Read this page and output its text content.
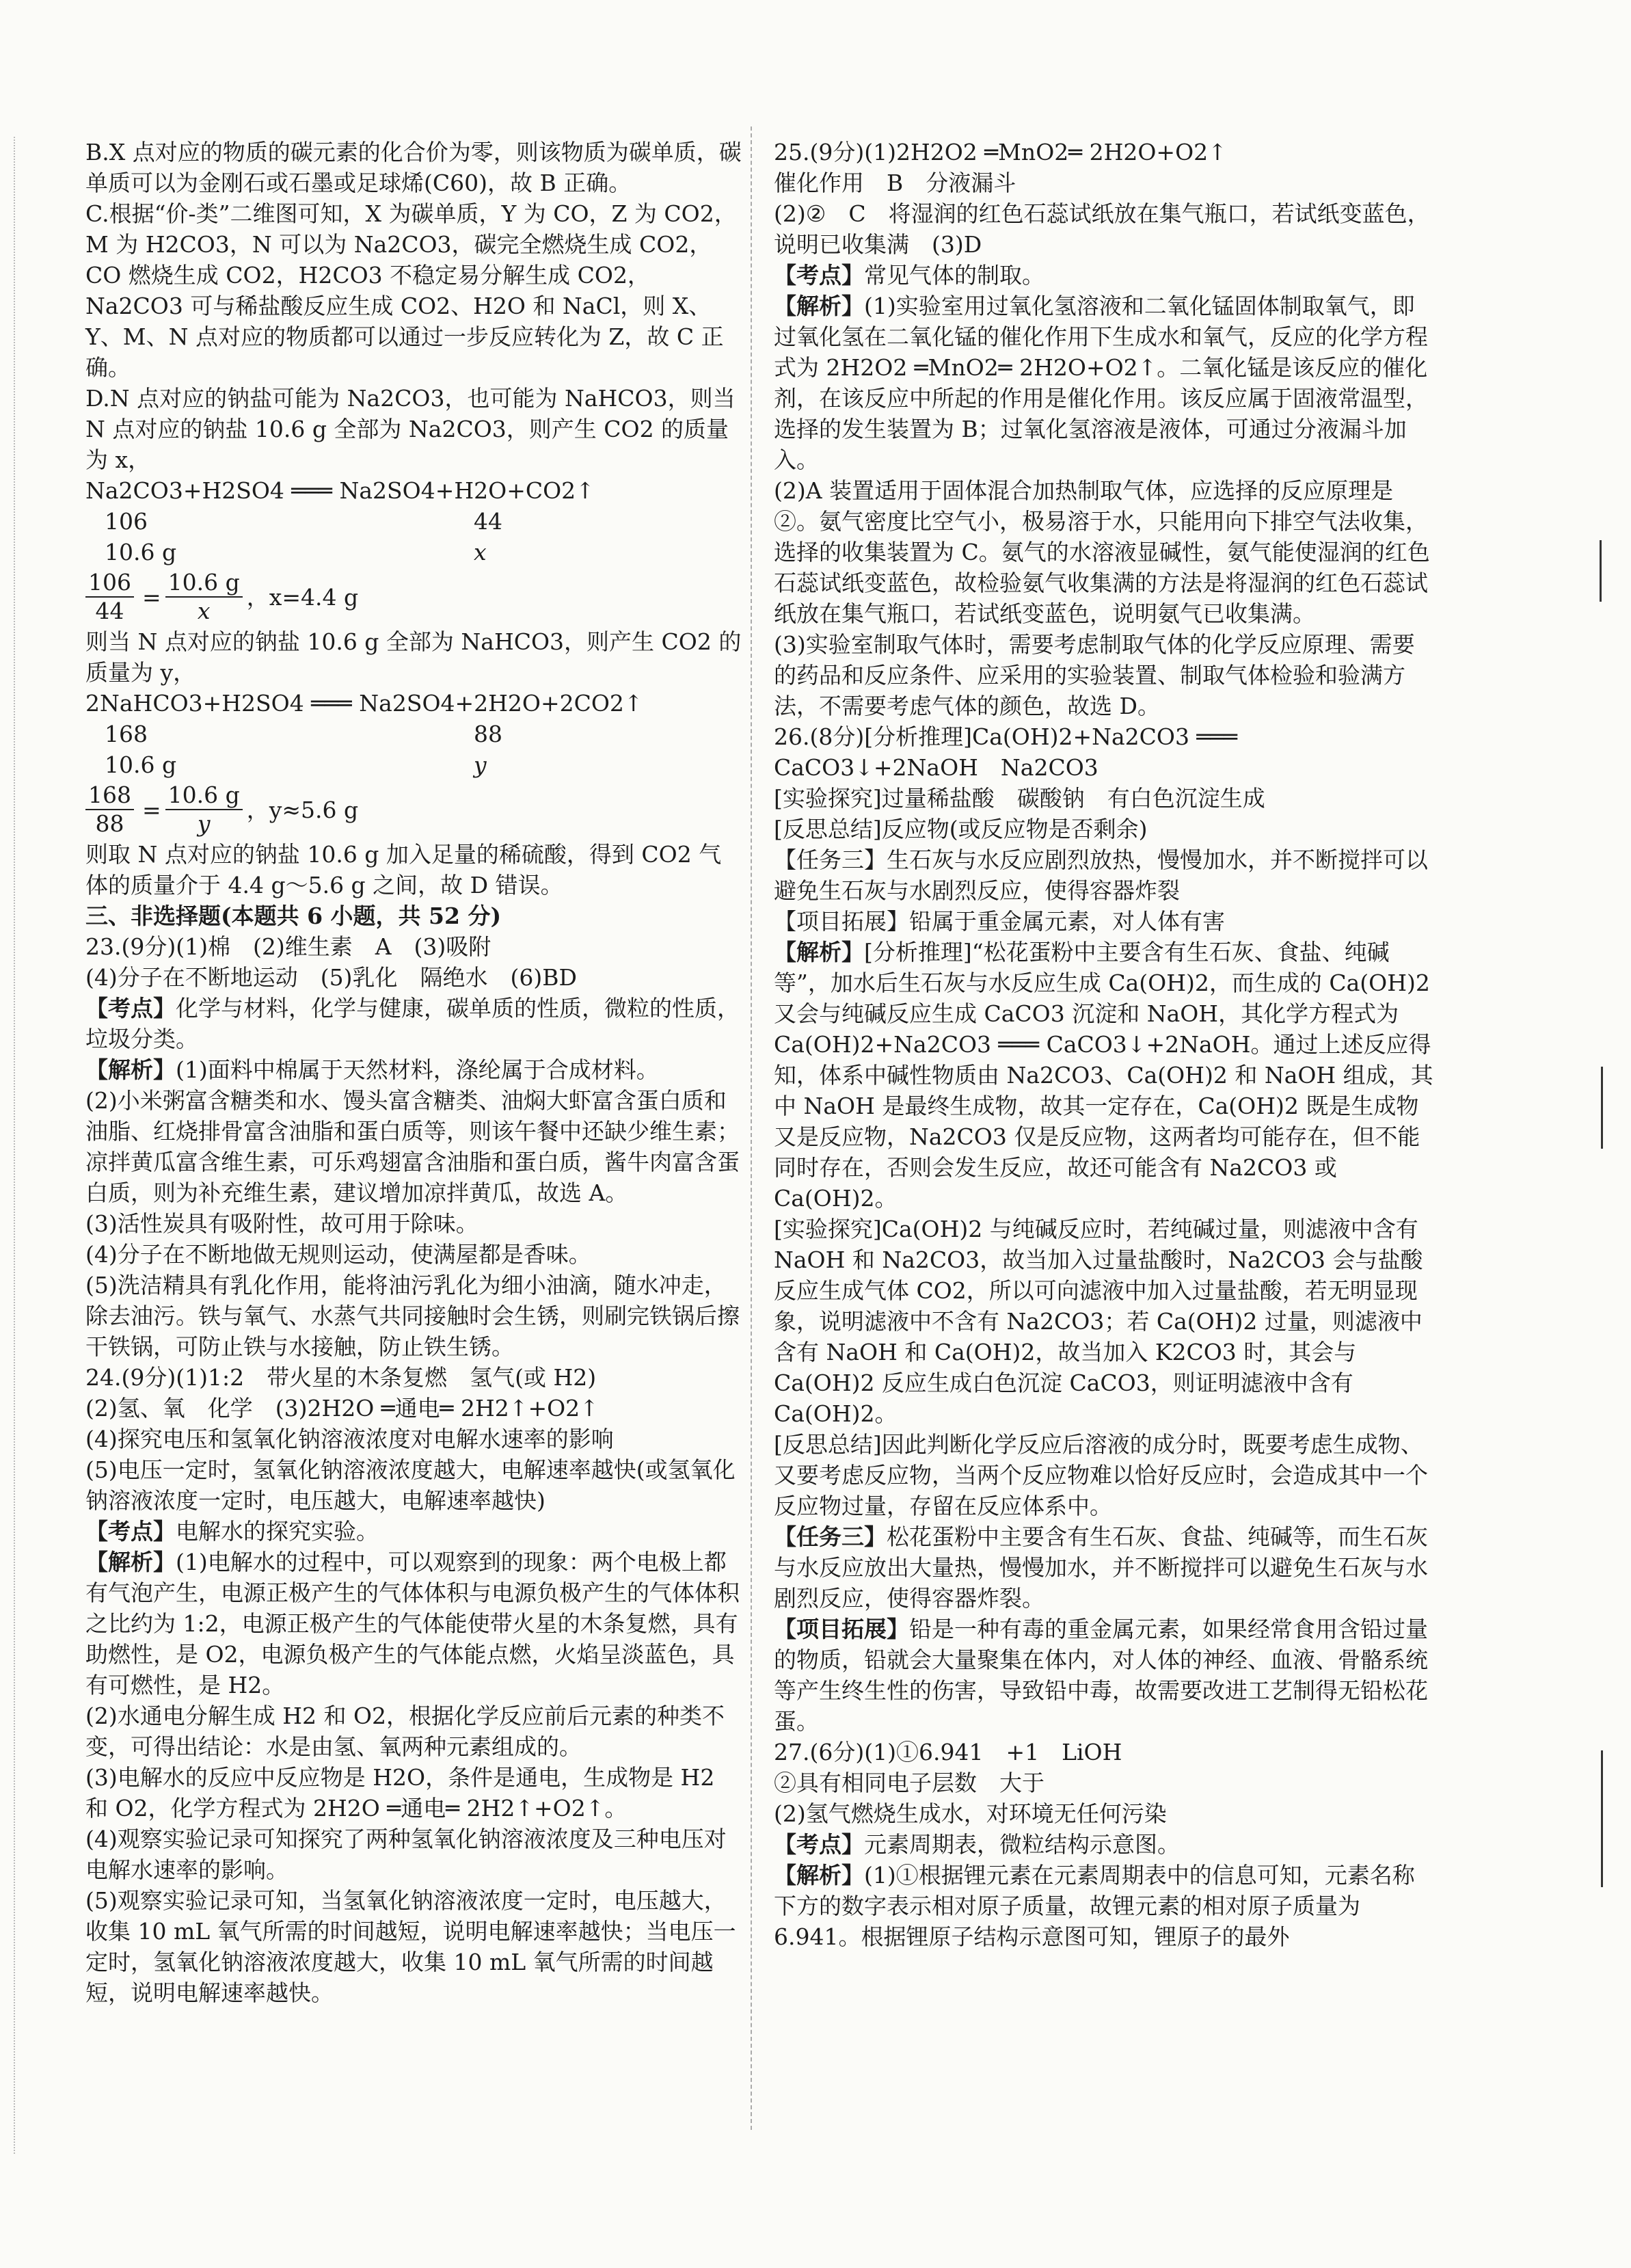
B.X 点对应的物质的碳元素的化合价为零，则该物质为碳单质，碳单质可以为金刚石或石墨或足球烯(C60)，故 B 正确。

C.根据“价-类”二维图可知，X 为碳单质，Y 为 CO，Z 为 CO2，M 为 H2CO3，N 可以为 Na2CO3，碳完全燃烧生成 CO2，CO 燃烧生成 CO2，H2CO3 不稳定易分解生成 CO2，Na2CO3 可与稀盐酸反应生成 CO2、H2O 和 NaCl，则 X、Y、M、N 点对应的物质都可以通过一步反应转化为 Z，故 C 正确。

D.N 点对应的钠盐可能为 Na2CO3，也可能为 NaHCO3，则当 N 点对应的钠盐 10.6 g 全部为 Na2CO3，则产生 CO2 的质量为 x，

Na2CO3+H2SO4 ═══ Na2SO4+H2O+CO2↑

106	44
10.6 g	x
$\frac{106}{44} = \frac{10.6 g}{x}$ ，x=4.4 g

则当 N 点对应的钠盐 10.6 g 全部为 NaHCO3，则产生 CO2 的质量为 y，

2NaHCO3+H2SO4 ═══ Na2SO4+2H2O+2CO2↑

168	88
10.6 g	y
$\frac{168}{88} = \frac{10.6 g}{y}$ ，y≈5.6 g

则取 N 点对应的钠盐 10.6 g 加入足量的稀硫酸，得到 CO2 气体的质量介于 4.4 g～5.6 g 之间，故 D 错误。

三、非选择题(本题共 6 小题，共 52 分)

23.(9分)(1)棉　(2)维生素　A　(3)吸附

(4)分子在不断地运动　(5)乳化　隔绝水　(6)BD

【考点】化学与材料，化学与健康，碳单质的性质，微粒的性质，垃圾分类。

【解析】(1)面料中棉属于天然材料，涤纶属于合成材料。

(2)小米粥富含糖类和水、馒头富含糖类、油焖大虾富含蛋白质和油脂、红烧排骨富含油脂和蛋白质等，则该午餐中还缺少维生素；凉拌黄瓜富含维生素，可乐鸡翅富含油脂和蛋白质，酱牛肉富含蛋白质，则为补充维生素，建议增加凉拌黄瓜，故选 A。

(3)活性炭具有吸附性，故可用于除味。

(4)分子在不断地做无规则运动，使满屋都是香味。

(5)洗洁精具有乳化作用，能将油污乳化为细小油滴，随水冲走，除去油污。铁与氧气、水蒸气共同接触时会生锈，则刷完铁锅后擦干铁锅，可防止铁与水接触，防止铁生锈。

24.(9分)(1)1:2　带火星的木条复燃　氢气(或 H2)

(2)氢、氧　化学　(3)2H2O ═通电═ 2H2↑+O2↑

(4)探究电压和氢氧化钠溶液浓度对电解水速率的影响

(5)电压一定时，氢氧化钠溶液浓度越大，电解速率越快(或氢氧化钠溶液浓度一定时，电压越大，电解速率越快)

【考点】电解水的探究实验。

【解析】(1)电解水的过程中，可以观察到的现象：两个电极上都有气泡产生，电源正极产生的气体体积与电源负极产生的气体体积之比约为 1:2，电源正极产生的气体能使带火星的木条复燃，具有助燃性，是 O2，电源负极产生的气体能点燃，火焰呈淡蓝色，具有可燃性，是 H2。

(2)水通电分解生成 H2 和 O2，根据化学反应前后元素的种类不变，可得出结论：水是由氢、氧两种元素组成的。

(3)电解水的反应中反应物是 H2O，条件是通电，生成物是 H2 和 O2，化学方程式为 2H2O ═通电═ 2H2↑+O2↑。

(4)观察实验记录可知探究了两种氢氧化钠溶液浓度及三种电压对电解水速率的影响。

(5)观察实验记录可知，当氢氧化钠溶液浓度一定时，电压越大，收集 10 mL 氧气所需的时间越短，说明电解速率越快；当电压一定时，氢氧化钠溶液浓度越大，收集 10 mL 氧气所需的时间越短，说明电解速率越快。

25.(9分)(1)2H2O2 ═MnO2═ 2H2O+O2↑

催化作用　B　分液漏斗

(2)②　C　将湿润的红色石蕊试纸放在集气瓶口，若试纸变蓝色，说明已收集满　(3)D

【考点】常见气体的制取。

【解析】(1)实验室用过氧化氢溶液和二氧化锰固体制取氧气，即过氧化氢在二氧化锰的催化作用下生成水和氧气，反应的化学方程式为 2H2O2 ═MnO2═ 2H2O+O2↑。二氧化锰是该反应的催化剂，在该反应中所起的作用是催化作用。该反应属于固液常温型，选择的发生装置为 B；过氧化氢溶液是液体，可通过分液漏斗加入。

(2)A 装置适用于固体混合加热制取气体，应选择的反应原理是②。氨气密度比空气小，极易溶于水，只能用向下排空气法收集，选择的收集装置为 C。氨气的水溶液显碱性，氨气能使湿润的红色石蕊试纸变蓝色，故检验氨气收集满的方法是将湿润的红色石蕊试纸放在集气瓶口，若试纸变蓝色，说明氨气已收集满。

(3)实验室制取气体时，需要考虑制取气体的化学反应原理、需要的药品和反应条件、应采用的实验装置、制取气体检验和验满方法，不需要考虑气体的颜色，故选 D。

26.(8分)[分析推理]Ca(OH)2+Na2CO3 ═══ CaCO3↓+2NaOH　Na2CO3

[实验探究]过量稀盐酸　碳酸钠　有白色沉淀生成

[反思总结]反应物(或反应物是否剩余)

【任务三】生石灰与水反应剧烈放热，慢慢加水，并不断搅拌可以避免生石灰与水剧烈反应，使得容器炸裂

【项目拓展】铅属于重金属元素，对人体有害

【解析】[分析推理]“松花蛋粉中主要含有生石灰、食盐、纯碱等”，加水后生石灰与水反应生成 Ca(OH)2，而生成的 Ca(OH)2 又会与纯碱反应生成 CaCO3 沉淀和 NaOH，其化学方程式为 Ca(OH)2+Na2CO3 ═══ CaCO3↓+2NaOH。通过上述反应得知，体系中碱性物质由 Na2CO3、Ca(OH)2 和 NaOH 组成，其中 NaOH 是最终生成物，故其一定存在，Ca(OH)2 既是生成物又是反应物，Na2CO3 仅是反应物，这两者均可能存在，但不能同时存在，否则会发生反应，故还可能含有 Na2CO3 或 Ca(OH)2。

[实验探究]Ca(OH)2 与纯碱反应时，若纯碱过量，则滤液中含有 NaOH 和 Na2CO3，故当加入过量盐酸时，Na2CO3 会与盐酸反应生成气体 CO2，所以可向滤液中加入过量盐酸，若无明显现象，说明滤液中不含有 Na2CO3；若 Ca(OH)2 过量，则滤液中含有 NaOH 和 Ca(OH)2，故当加入 K2CO3 时，其会与 Ca(OH)2 反应生成白色沉淀 CaCO3，则证明滤液中含有 Ca(OH)2。

[反思总结]因此判断化学反应后溶液的成分时，既要考虑生成物、又要考虑反应物，当两个反应物难以恰好反应时，会造成其中一个反应物过量，存留在反应体系中。

【任务三】松花蛋粉中主要含有生石灰、食盐、纯碱等，而生石灰与水反应放出大量热，慢慢加水，并不断搅拌可以避免生石灰与水剧烈反应，使得容器炸裂。

【项目拓展】铅是一种有毒的重金属元素，如果经常食用含铅过量的物质，铅就会大量聚集在体内，对人体的神经、血液、骨骼系统等产生终生性的伤害，导致铅中毒，故需要改进工艺制得无铅松花蛋。

27.(6分)(1)①6.941　+1　LiOH

②具有相同电子层数　大于

(2)氢气燃烧生成水，对环境无任何污染

【考点】元素周期表，微粒结构示意图。

【解析】(1)①根据锂元素在元素周期表中的信息可知，元素名称下方的数字表示相对原子质量，故锂元素的相对原子质量为 6.941。根据锂原子结构示意图可知，锂原子的最外
